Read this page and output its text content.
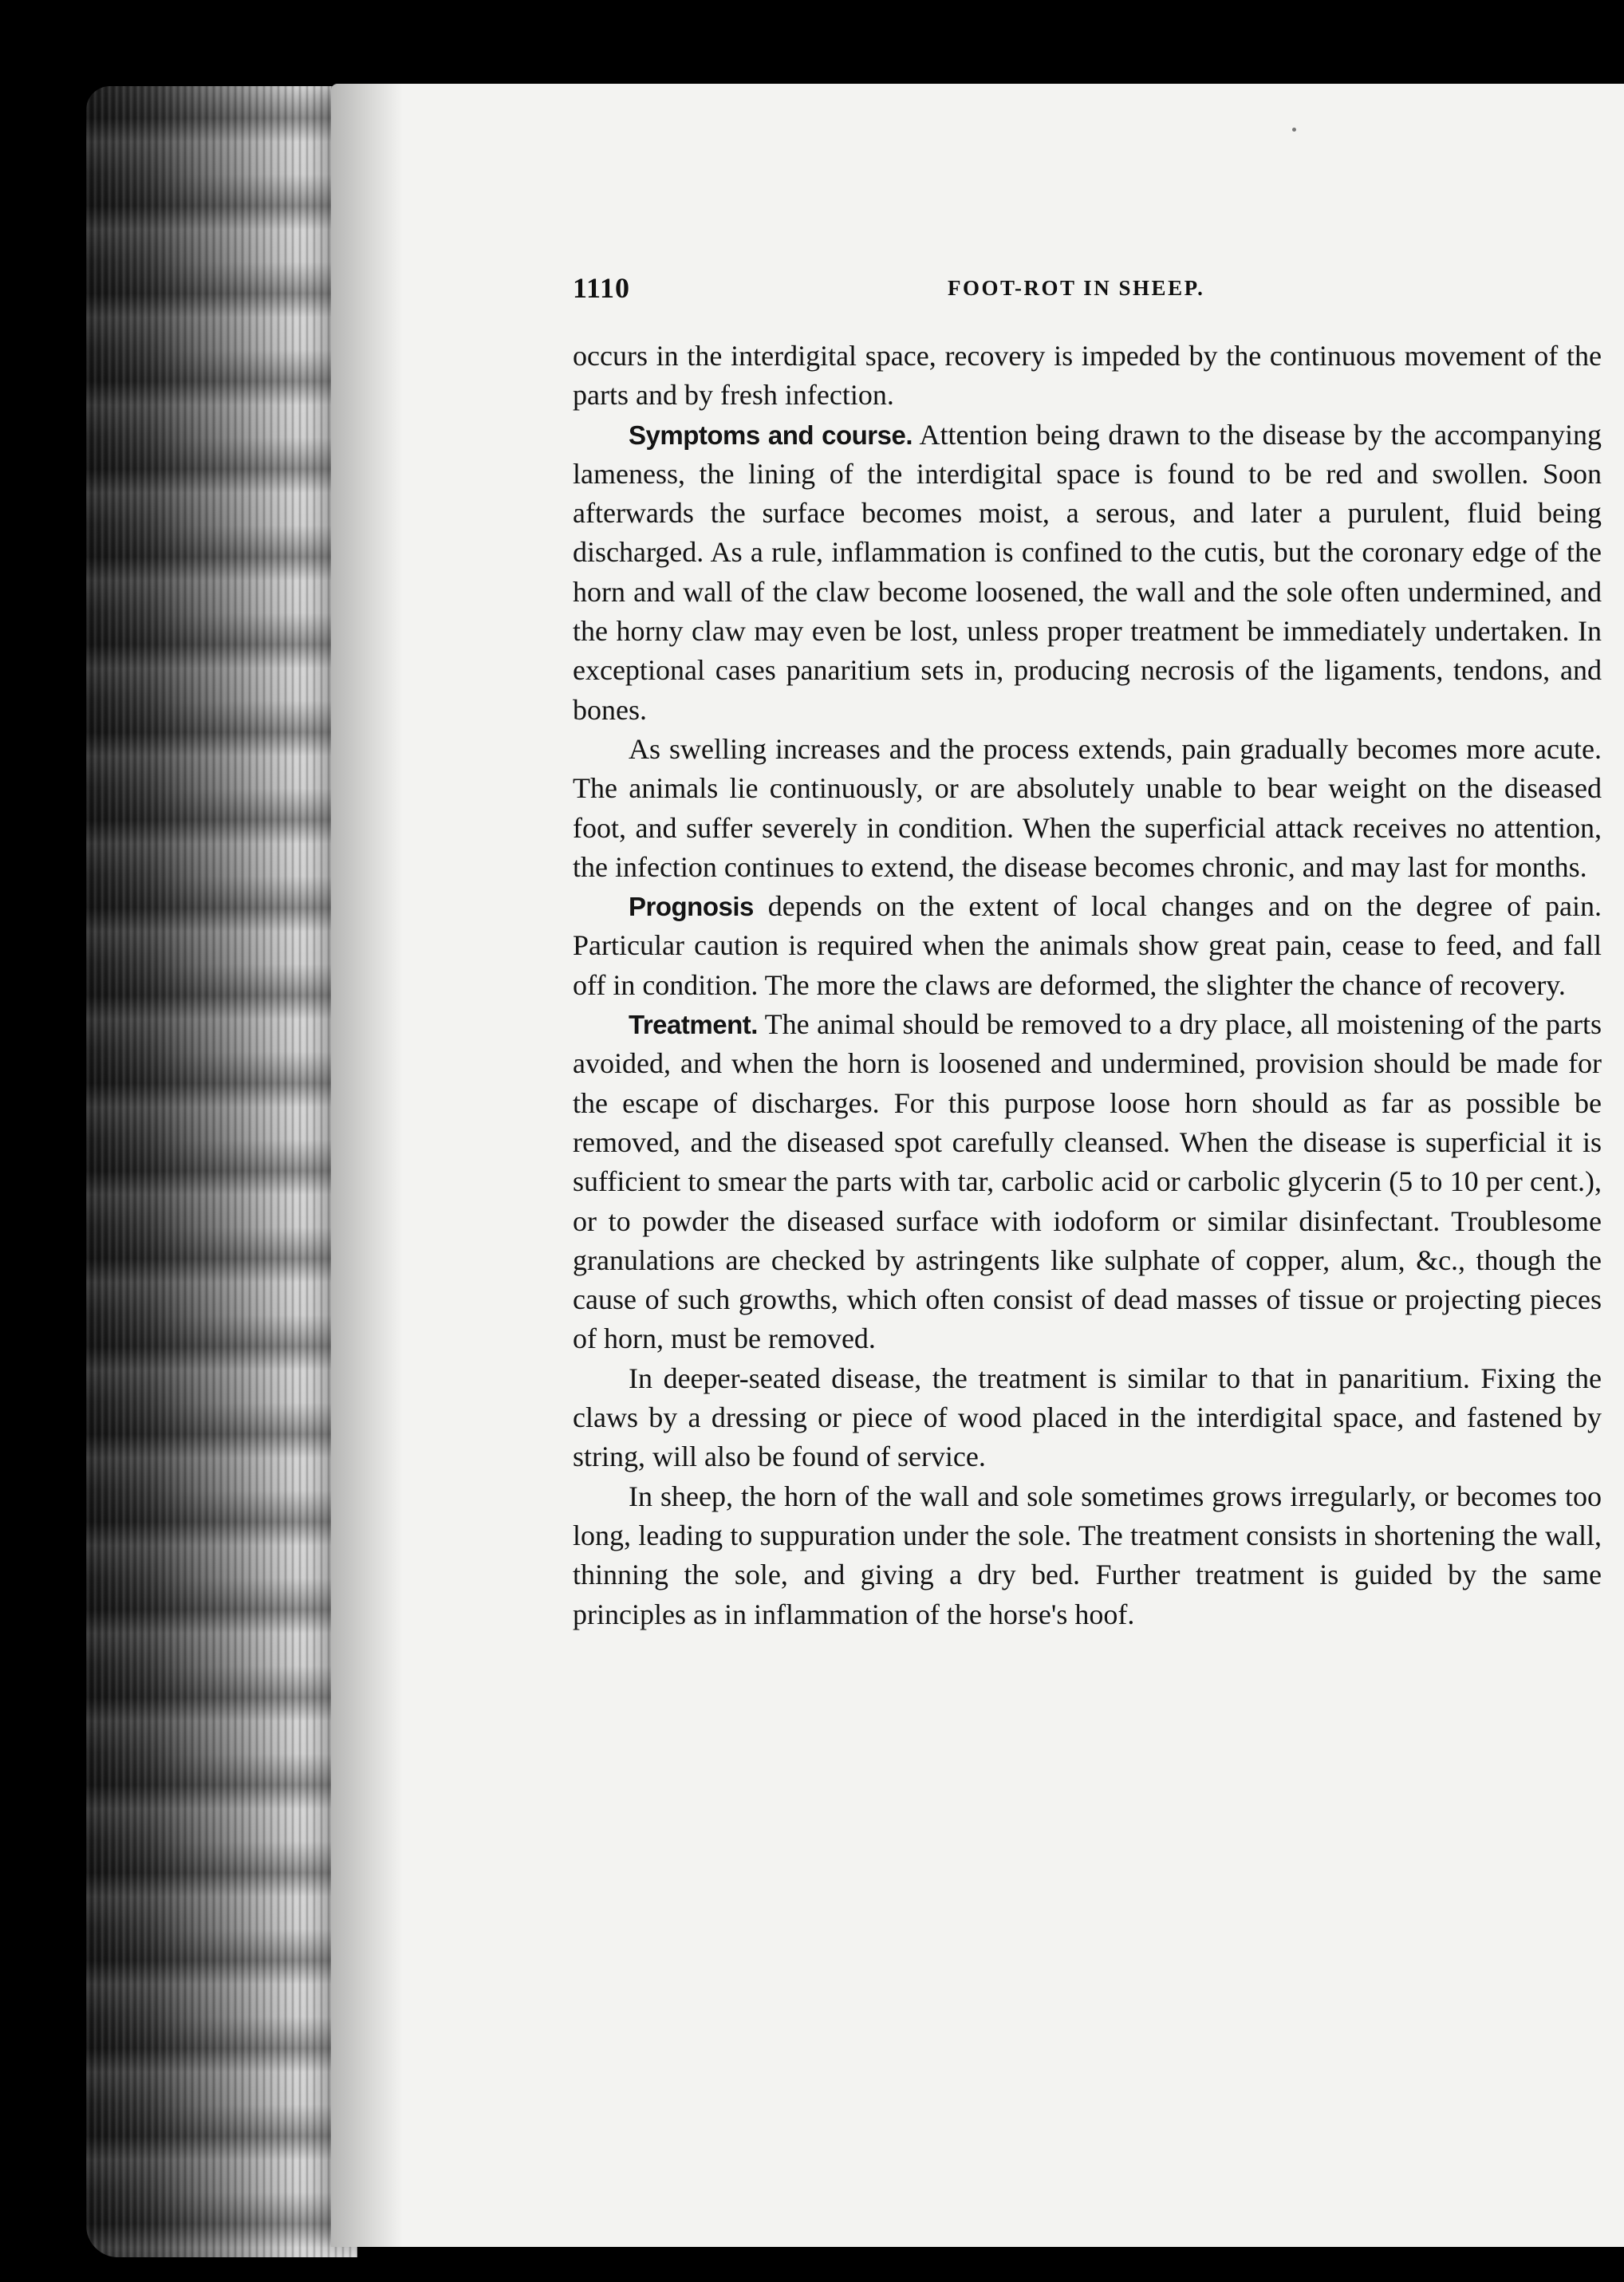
1110	FOOT-ROT IN SHEEP.

occurs in the interdigital space, recovery is impeded by the continuous movement of the parts and by fresh infection.

Symptoms and course. Attention being drawn to the disease by the accompanying lameness, the lining of the interdigital space is found to be red and swollen. Soon afterwards the surface becomes moist, a serous, and later a purulent, fluid being discharged. As a rule, inflammation is confined to the cutis, but the coronary edge of the horn and wall of the claw become loosened, the wall and the sole often undermined, and the horny claw may even be lost, unless proper treatment be immediately undertaken. In exceptional cases panaritium sets in, producing necrosis of the ligaments, tendons, and bones.

As swelling increases and the process extends, pain gradually becomes more acute. The animals lie continuously, or are absolutely unable to bear weight on the diseased foot, and suffer severely in condition. When the superficial attack receives no attention, the infection continues to extend, the disease becomes chronic, and may last for months.

Prognosis depends on the extent of local changes and on the degree of pain. Particular caution is required when the animals show great pain, cease to feed, and fall off in condition. The more the claws are deformed, the slighter the chance of recovery.

Treatment. The animal should be removed to a dry place, all moistening of the parts avoided, and when the horn is loosened and undermined, provision should be made for the escape of discharges. For this purpose loose horn should as far as possible be removed, and the diseased spot carefully cleansed. When the disease is superficial it is sufficient to smear the parts with tar, carbolic acid or carbolic glycerin (5 to 10 per cent.), or to powder the diseased surface with iodoform or similar disinfectant. Troublesome granulations are checked by astringents like sulphate of copper, alum, &c., though the cause of such growths, which often consist of dead masses of tissue or projecting pieces of horn, must be removed.

In deeper-seated disease, the treatment is similar to that in panaritium. Fixing the claws by a dressing or piece of wood placed in the interdigital space, and fastened by string, will also be found of service.

In sheep, the horn of the wall and sole sometimes grows irregularly, or becomes too long, leading to suppuration under the sole. The treatment consists in shortening the wall, thinning the sole, and giving a dry bed. Further treatment is guided by the same principles as in inflammation of the horse's hoof.
